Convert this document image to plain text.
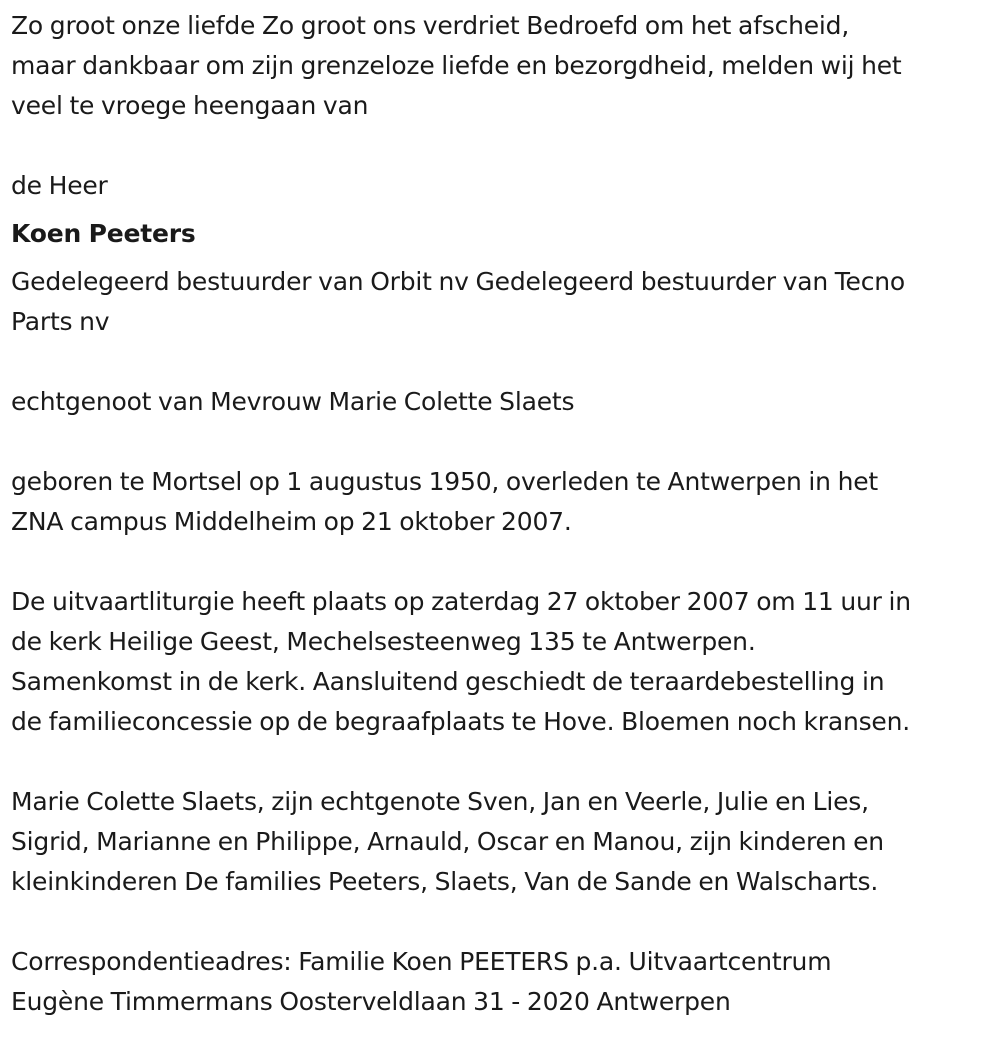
Zo groot onze liefde Zo groot ons verdriet Bedroefd om het afscheid,
maar dankbaar om zijn grenzeloze liefde en bezorgdheid, melden wij het
veel te vroege heengaan van

de Heer

Koen Peeters

Gedelegeerd bestuurder van Orbit nv Gedelegeerd bestuurder van Tecno
Parts nv

echtgenoot van Mevrouw Marie Colette Slaets

geboren te Mortsel op 1 augustus 1950, overleden te Antwerpen in het
ZNA campus Middelheim op 21 oktober 2007.

De uitvaartliturgie heeft plaats op zaterdag 27 oktober 2007 om 11 uur in
de kerk Heilige Geest, Mechelsesteenweg 135 te Antwerpen.
Samenkomst in de kerk. Aansluitend geschiedt de teraardebestelling in
de familieconcessie op de begraafplaats te Hove. Bloemen noch kransen.

Marie Colette Slaets, zijn echtgenote Sven, Jan en Veerle, Julie en Lies,
Sigrid, Marianne en Philippe, Arnauld, Oscar en Manou, zijn kinderen en
kleinkinderen De families Peeters, Slaets, Van de Sande en Walscharts.

Correspondentieadres: Familie Koen PEETERS p.a. Uitvaartcentrum
Eugène Timmermans Oosterveldlaan 31 - 2020 Antwerpen
